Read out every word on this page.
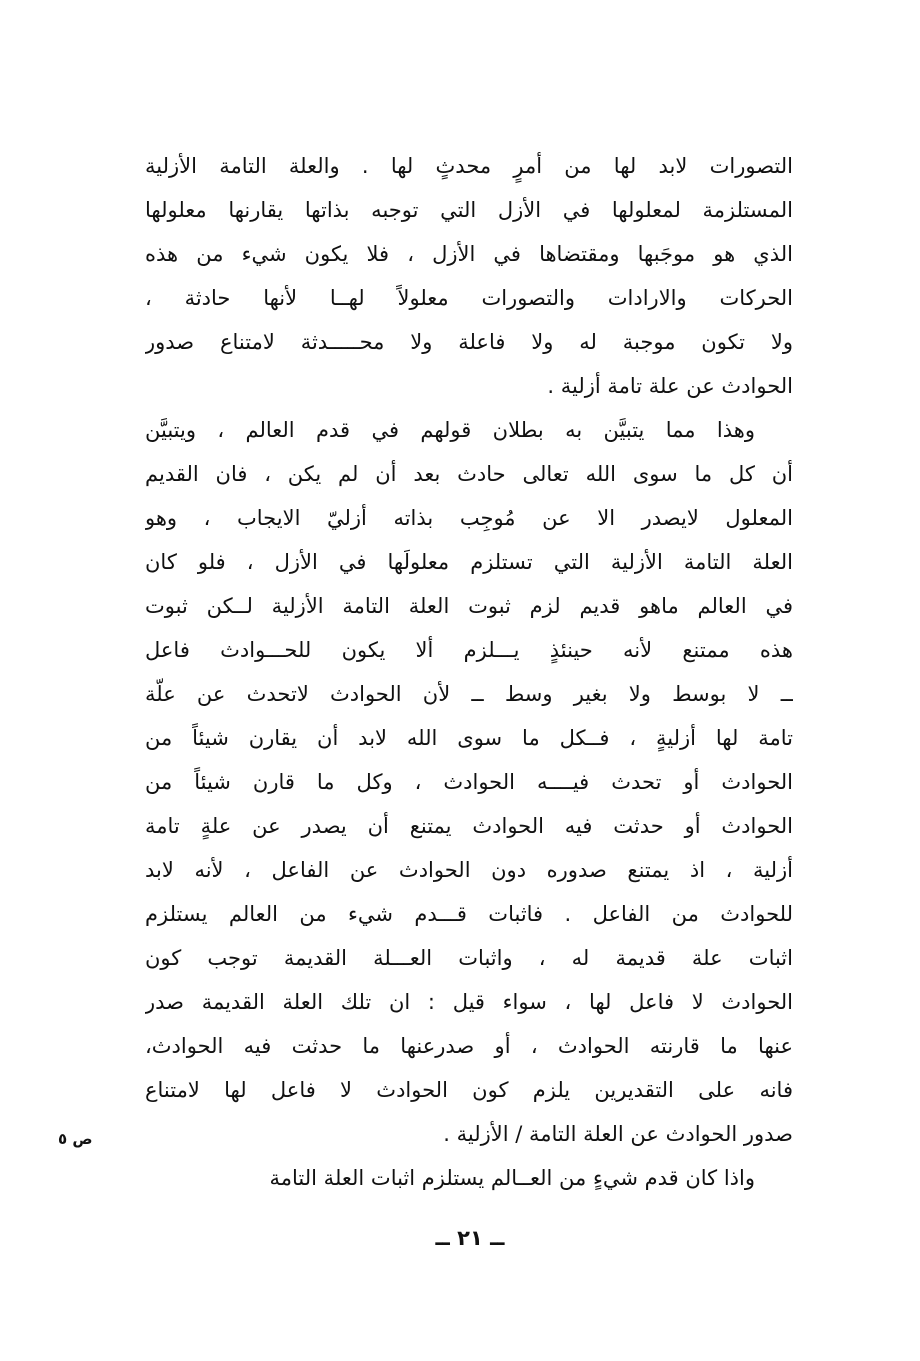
التصورات لابد لها من أمرٍ محدثٍ لها . والعلة التامة الأزلية
المستلزمة لمعلولها في الأزل التي توجبه بذاتها يقارنها معلولها
الذي هو موجَبها ومقتضاها في الأزل ، فلا يكون شيء من هذه
الحركات والارادات والتصورات معلولاً لهــا لأنها حادثة ،
ولا تكون موجبة له ولا فاعلة ولا محـــــدثة لامتناع صدور
الحوادث عن علة تامة أزلية .
وهذا مما يتبيَّن به بطلان قولهم في قدم العالم ، ويتبيَّن
أن كل ما سوى الله تعالى حادث بعد أن لم يكن ، فان القديم
المعلول لايصدر الا عن مُوجِب بذاته أزليّ الايجاب ، وهو
العلة التامة الأزلية التي تستلزم معلولَها في الأزل ، فلو كان
في العالم ماهو قديم لزم ثبوت العلة التامة الأزلية لــكن ثبوت
هذه ممتنع لأنه حينئذٍ يـــلزم ألا يكون للحـــوادث فاعل
ــ لا بوسط ولا بغير وسط ــ لأن الحوادث لاتحدث عن علّة
تامة لها أزليةٍ ، فــكل ما سوى الله لابد أن يقارن شيئاً من
الحوادث أو تحدث فيــــه الحوادث ، وكل ما قارن شيئاً من
الحوادث أو حدثت فيه الحوادث يمتنع أن يصدر عن علةٍ تامة
أزلية ، اذ يمتنع صدوره دون الحوادث عن الفاعل ، لأنه لابد
للحوادث من الفاعل . فاثبات قـــدم شيء من العالم يستلزم
اثبات علة قديمة له ، واثبات العـــلة القديمة توجب كون
الحوادث لا فاعل لها ، سواء قيل : ان تلك العلة القديمة صدر
عنها ما قارنته الحوادث ، أو صدرعنها ما حدثت فيه الحوادث،
فانه على التقديرين يلزم كون الحوادث لا فاعل لها لامتناع
صدور الحوادث عن العلة التامة / الأزلية .
واذا كان قدم شيءٍ من العــالم يستلزم اثبات العلة التامة
ص ٥
ــ ٢١ ــ
